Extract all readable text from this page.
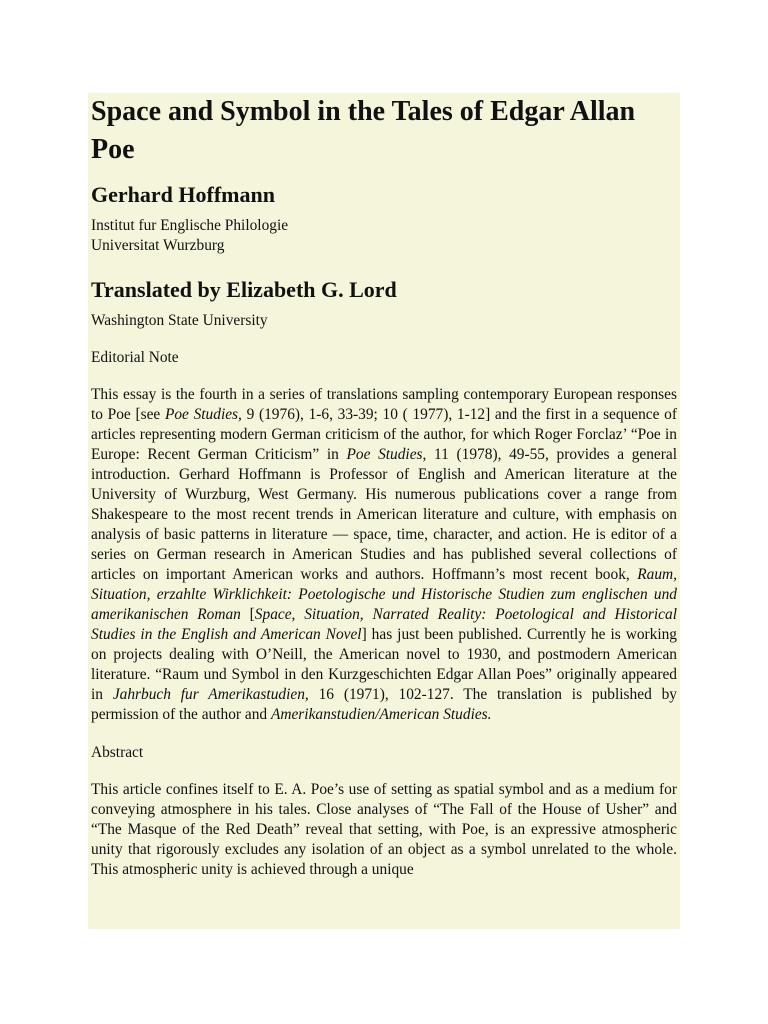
Space and Symbol in the Tales of Edgar Allan Poe
Gerhard Hoffmann

Institut fur Englische Philologie
Universitat Wurzburg

Translated by Elizabeth G. Lord

Washington State University

Editorial Note

This essay is the fourth in a series of translations sampling contemporary European responses to Poe [see Poe Studies, 9 (1976), 1-6, 33-39; 10 ( 1977), 1-12] and the first in a sequence of articles representing modern German criticism of the author, for which Roger Forclaz’ “Poe in Europe: Recent German Criticism” in Poe Studies, 11 (1978), 49-55, provides a general introduction. Gerhard Hoffmann is Professor of English and American literature at the University of Wurzburg, West Germany. His numerous publications cover a range from Shakespeare to the most recent trends in American literature and culture, with emphasis on analysis of basic patterns in literature — space, time, character, and action. He is editor of a series on German research in American Studies and has published several collections of articles on important American works and authors. Hoffmann’s most recent book, Raum, Situation, erzahlte Wirklichkeit: Poetologische und Historische Studien zum englischen und amerikanischen Roman [Space, Situation, Narrated Reality: Poetological and Historical Studies in the English and American Novel] has just been published. Currently he is working on projects dealing with O’Neill, the American novel to 1930, and postmodern American literature. “Raum und Symbol in den Kurzgeschichten Edgar Allan Poes” originally appeared in Jahrbuch fur Amerikastudien, 16 (1971), 102-127. The translation is published by permission of the author and Amerikanstudien/American Studies.

Abstract

This article confines itself to E. A. Poe’s use of setting as spatial symbol and as a medium for conveying atmosphere in his tales. Close analyses of “The Fall of the House of Usher” and “The Masque of the Red Death” reveal that setting, with Poe, is an expressive atmospheric unity that rigorously excludes any isolation of an object as a symbol unrelated to the whole. This atmospheric unity is achieved through a unique
